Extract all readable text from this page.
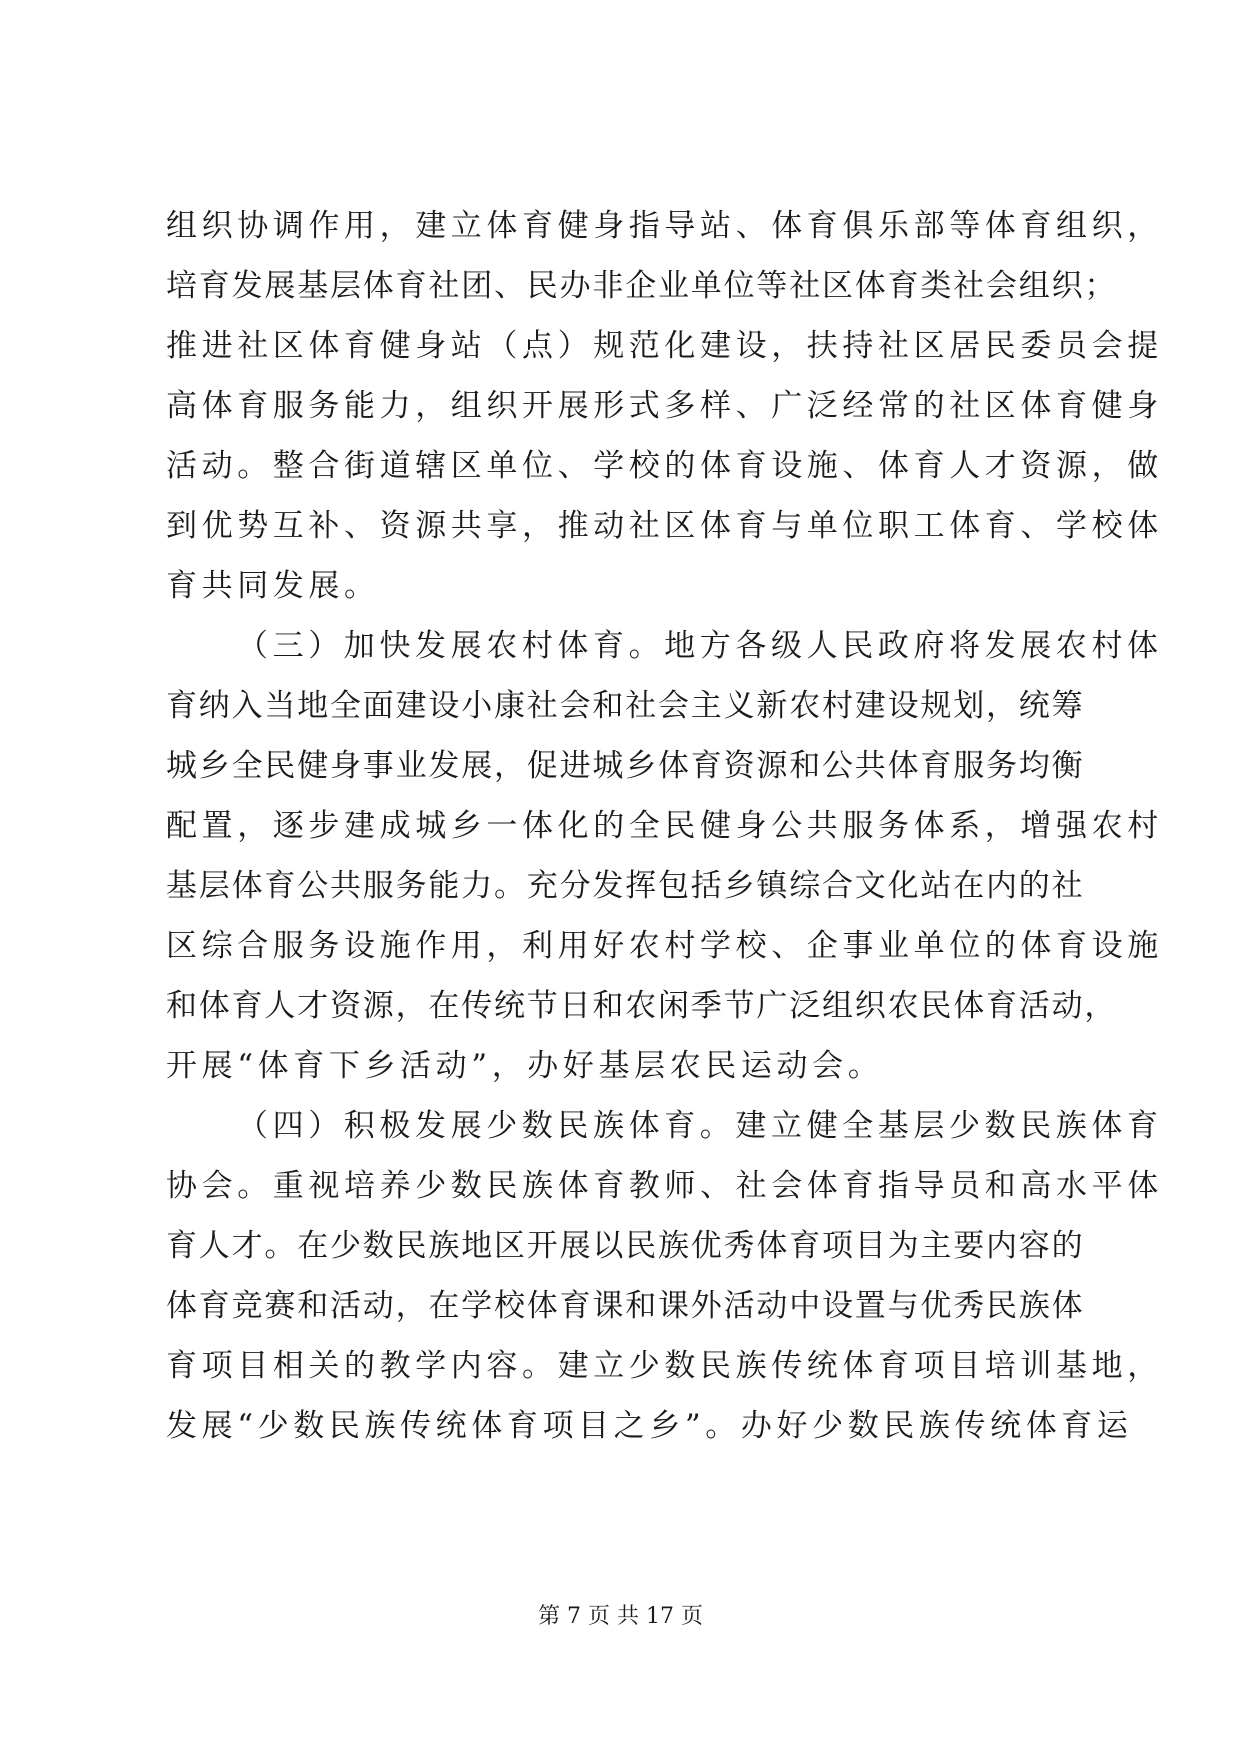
组织协调作用，建立体育健身指导站、体育俱乐部等体育组织，
培育发展基层体育社团、民办非企业单位等社区体育类社会组织；
推进社区体育健身站（点）规范化建设，扶持社区居民委员会提
高体育服务能力，组织开展形式多样、广泛经常的社区体育健身
活动。整合街道辖区单位、学校的体育设施、体育人才资源，做
到优势互补、资源共享，推动社区体育与单位职工体育、学校体
育共同发展。
（三）加快发展农村体育。地方各级人民政府将发展农村体
育纳入当地全面建设小康社会和社会主义新农村建设规划，统筹
城乡全民健身事业发展，促进城乡体育资源和公共体育服务均衡
配置，逐步建成城乡一体化的全民健身公共服务体系，增强农村
基层体育公共服务能力。充分发挥包括乡镇综合文化站在内的社
区综合服务设施作用，利用好农村学校、企事业单位的体育设施
和体育人才资源，在传统节日和农闲季节广泛组织农民体育活动，
开展“体育下乡活动”，办好基层农民运动会。
（四）积极发展少数民族体育。建立健全基层少数民族体育
协会。重视培养少数民族体育教师、社会体育指导员和高水平体
育人才。在少数民族地区开展以民族优秀体育项目为主要内容的
体育竞赛和活动，在学校体育课和课外活动中设置与优秀民族体
育项目相关的教学内容。建立少数民族传统体育项目培训基地，
发展“少数民族传统体育项目之乡”。办好少数民族传统体育运
第 7 页 共 17 页
